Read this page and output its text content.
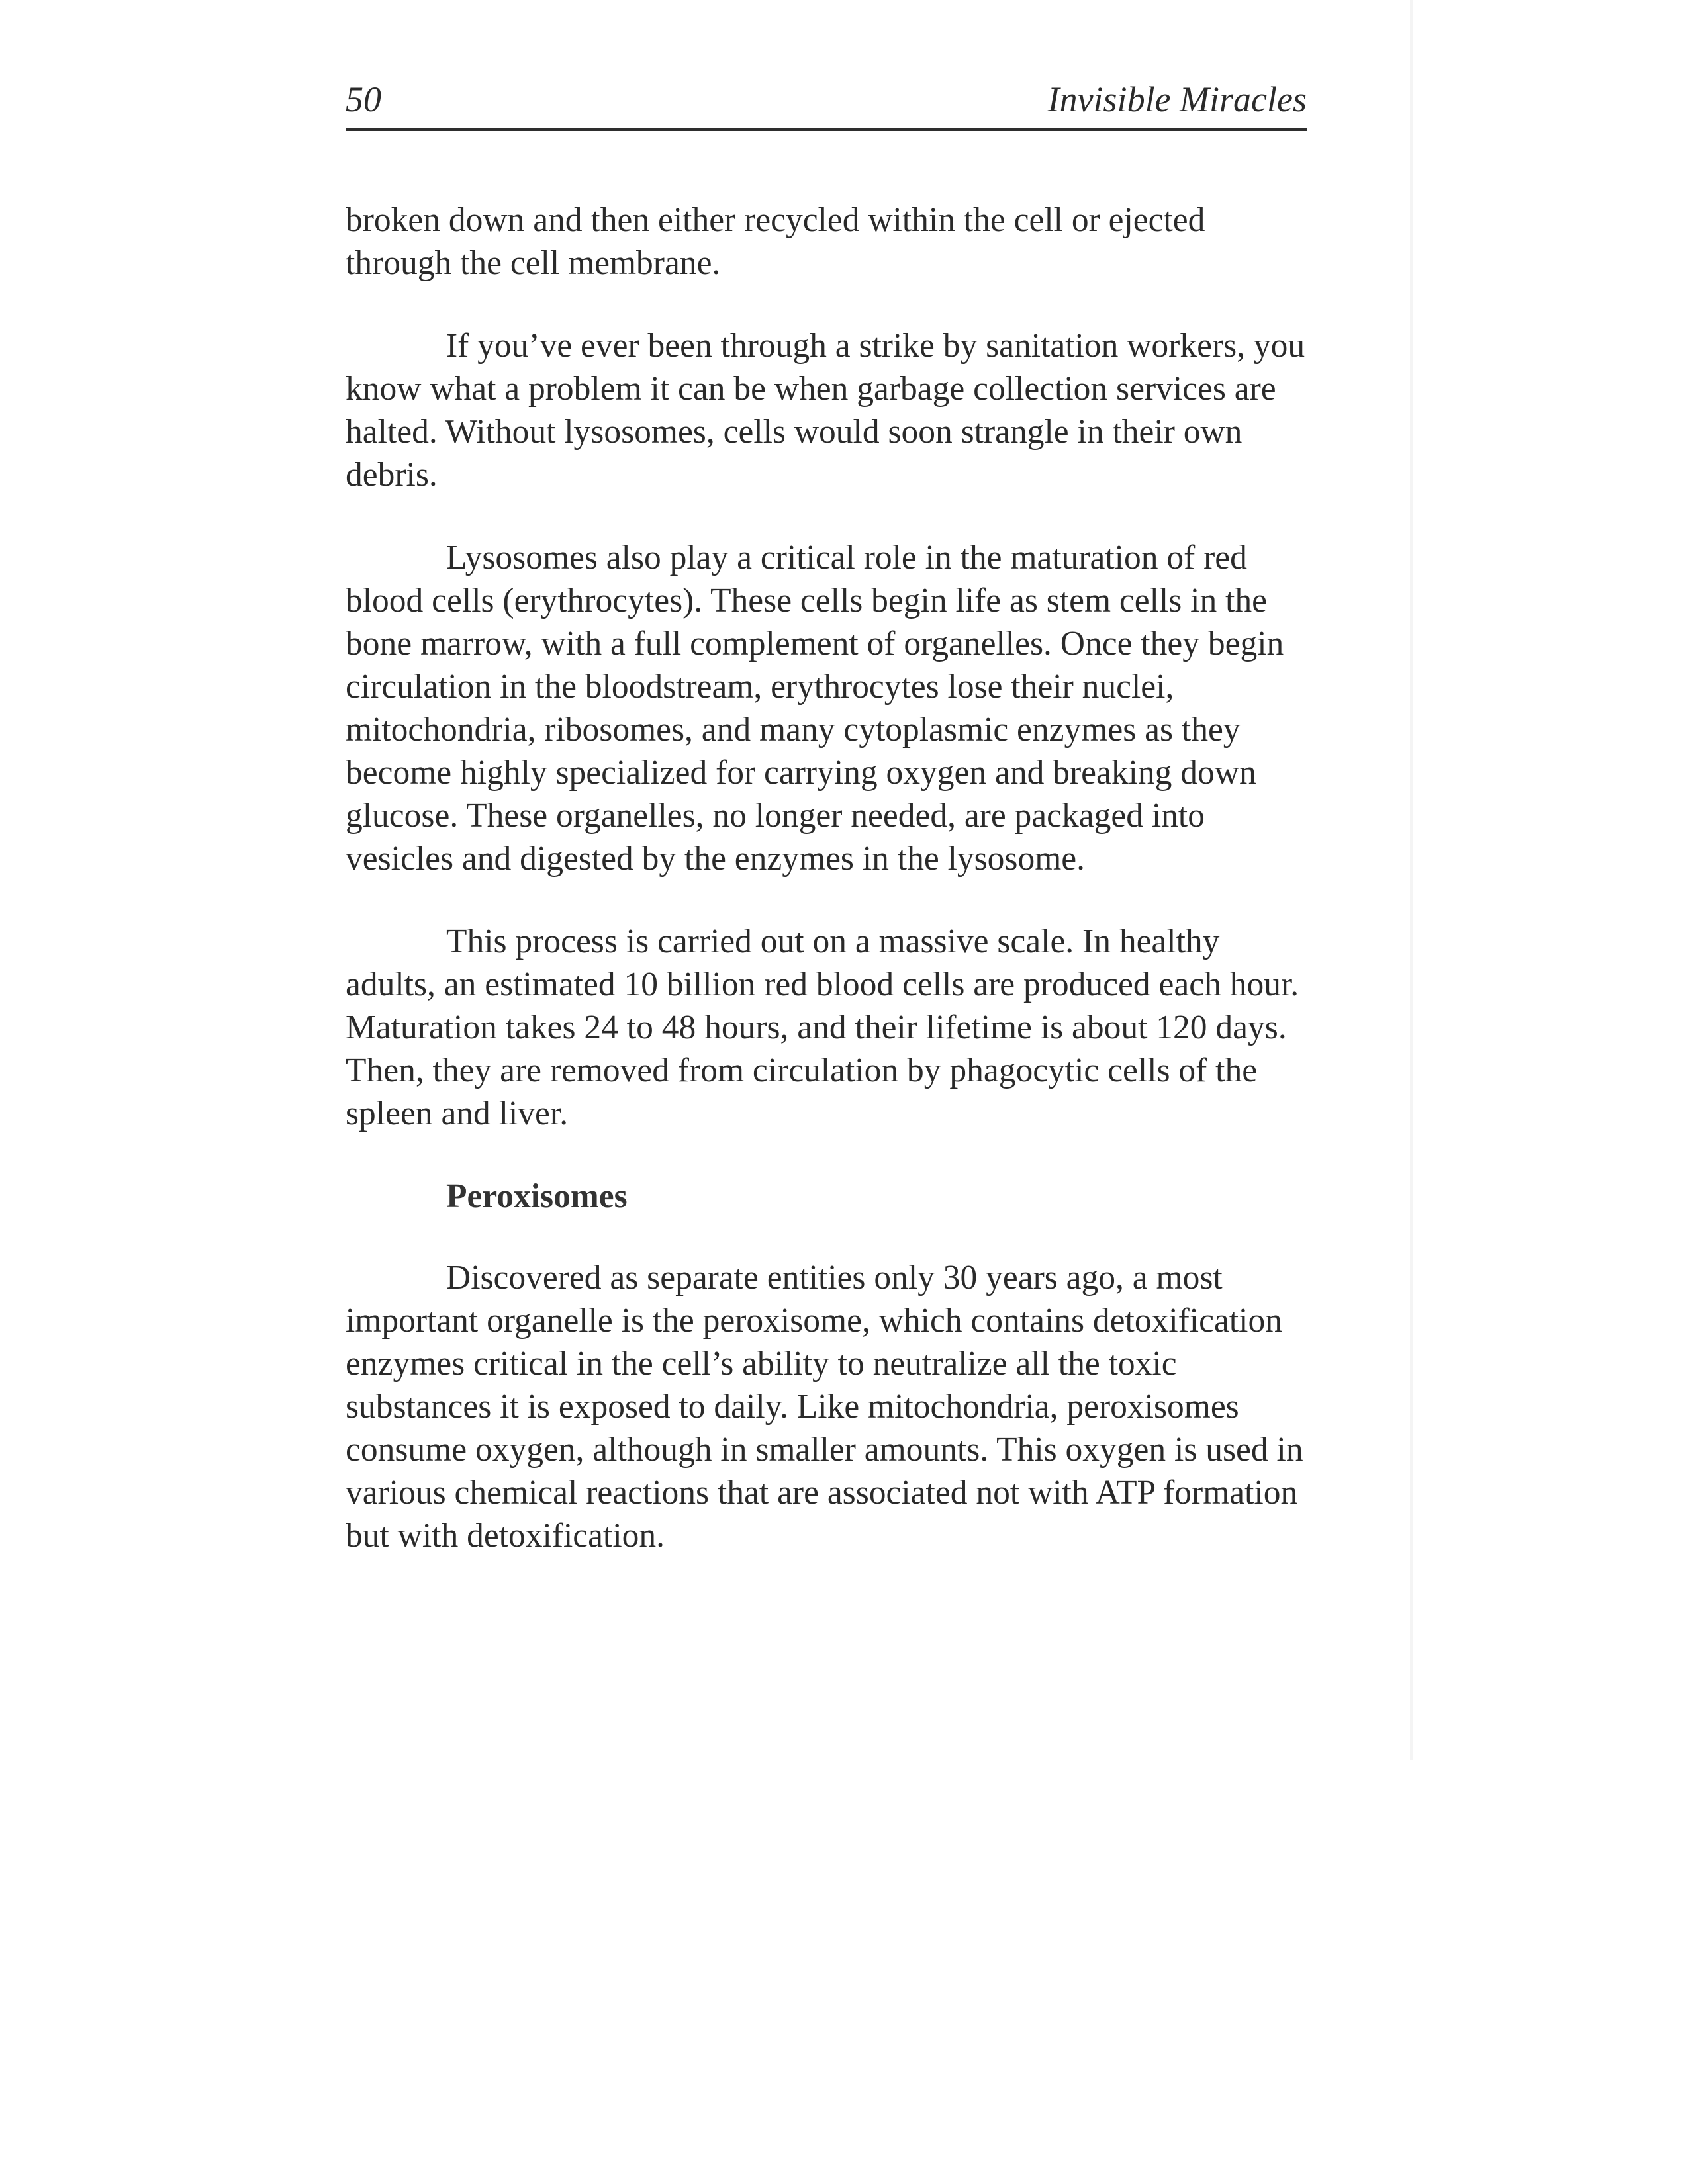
50	Invisible Miracles

broken down and then either recycled within the cell or ejected through the cell membrane.

If you’ve ever been through a strike by sanitation workers, you know what a problem it can be when garbage collection services are halted. Without lysosomes, cells would soon strangle in their own debris.

Lysosomes also play a critical role in the maturation of red blood cells (erythrocytes). These cells begin life as stem cells in the bone marrow, with a full complement of organelles. Once they begin circulation in the bloodstream, erythrocytes lose their nuclei, mitochondria, ribosomes, and many cytoplasmic enzymes as they become highly specialized for carrying oxygen and breaking down glucose. These organelles, no longer needed, are packaged into vesicles and digested by the enzymes in the lysosome.

This process is carried out on a massive scale. In healthy adults, an estimated 10 billion red blood cells are produced each hour. Maturation takes 24 to 48 hours, and their lifetime is about 120 days. Then, they are removed from circulation by phagocytic cells of the spleen and liver.

Peroxisomes

Discovered as separate entities only 30 years ago, a most important organelle is the peroxisome, which contains detoxification enzymes critical in the cell’s ability to neutralize all the toxic substances it is exposed to daily. Like mitochondria, peroxisomes consume oxygen, although in smaller amounts. This oxygen is used in various chemical reactions that are associated not with ATP formation but with detoxification.
